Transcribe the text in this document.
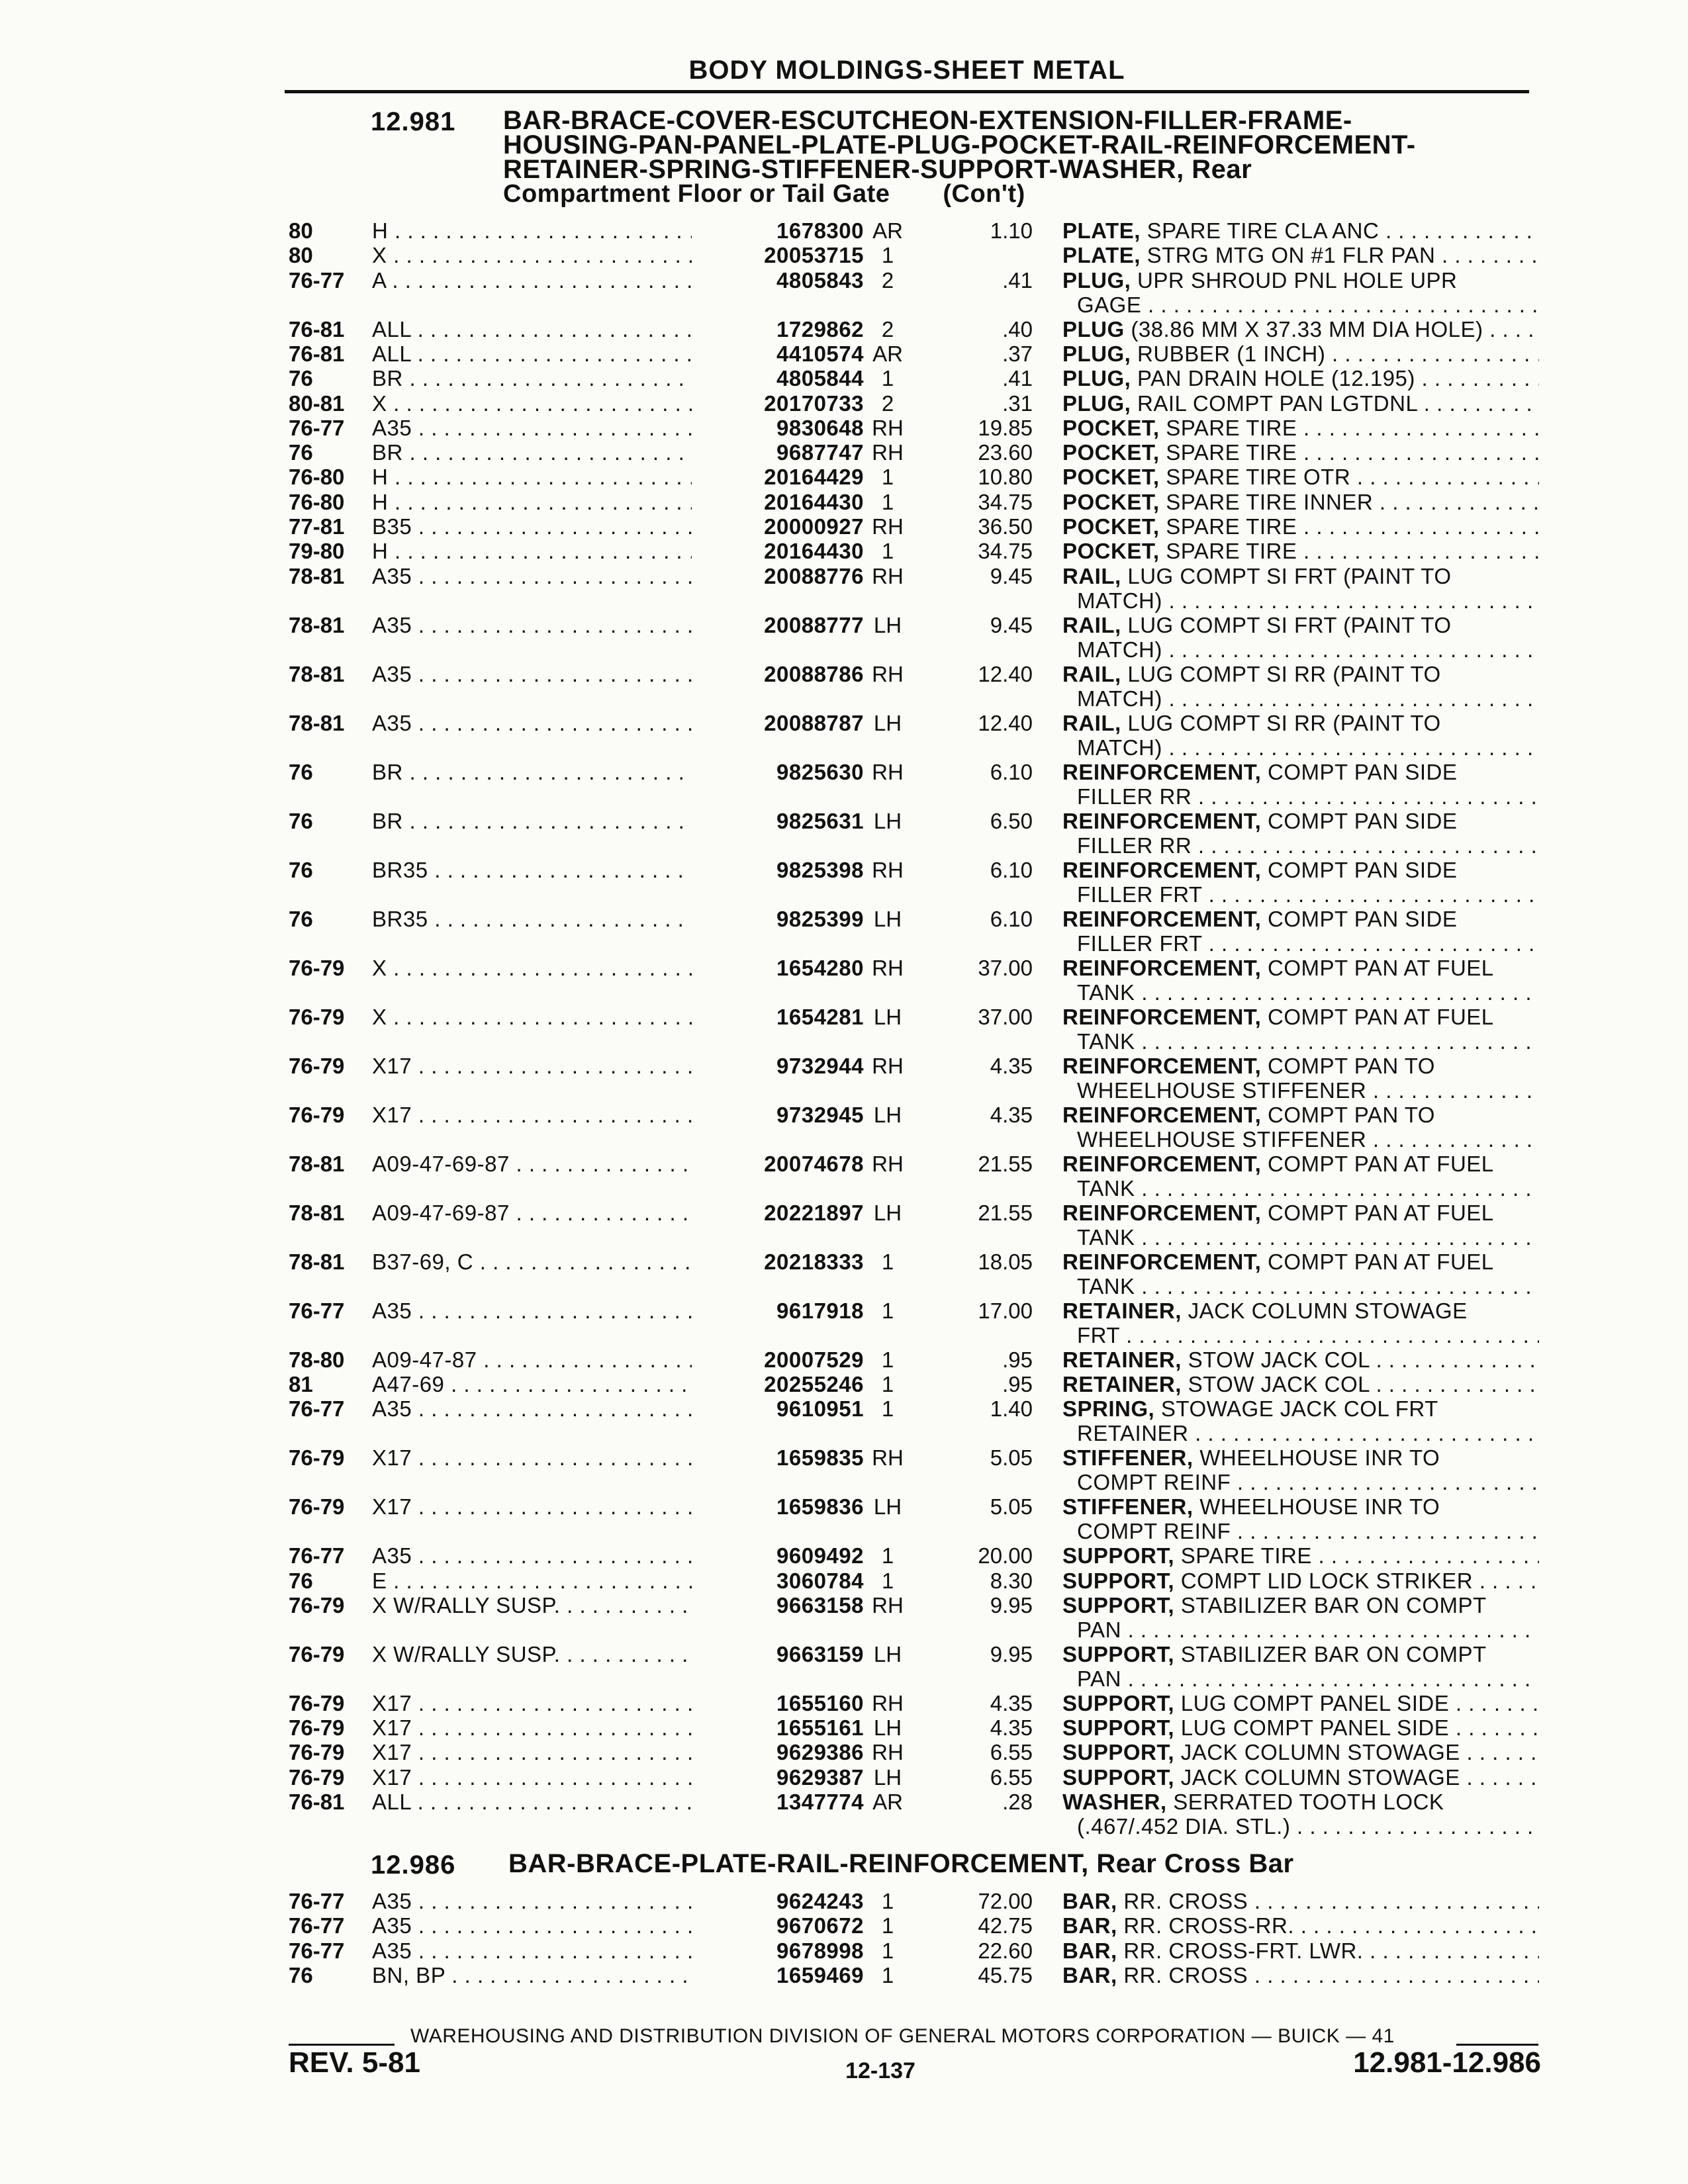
BODY MOLDINGS-SHEET METAL
12.981 BAR-BRACE-COVER-ESCUTCHEON-EXTENSION-FILLER-FRAME-
HOUSING-PAN-PANEL-PLATE-PLUG-POCKET-RAIL-REINFORCEMENT-
RETAINER-SPRING-STIFFENER-SUPPORT-WASHER, Rear
Compartment Floor or Tail Gate (Con't)
80	H . . .	1678300 AR	1.10 PLATE, SPARE TIRE CLA ANC . . .
80	X . . .	20053715 1	PLATE, STRG MTG ON #1 FLR PAN . . .
76-77	A . . .	4805843 2	.41 PLUG, UPR SHROUD PNL HOLE UPR
GAGE . . .
76-81	ALL . . .	1729862 2	.40 PLUG (38.86 MM X 37.33 MM DIA HOLE) . . .
76-81	ALL . . .	4410574 AR	.37 PLUG, RUBBER (1 INCH) . . .
76	BR . . .	4805844 1	.41 PLUG, PAN DRAIN HOLE (12.195) . . .
80-81	X . . .	20170733 2	.31 PLUG, RAIL COMPT PAN LGTDNL . . .
76-77	A35 . . .	9830648 RH	19.85 POCKET, SPARE TIRE . . .
76	BR . . .	9687747 RH	23.60 POCKET, SPARE TIRE . . .
76-80	H . . .	20164429 1	10.80 POCKET, SPARE TIRE OTR . . .
76-80	H . . .	20164430 1	34.75 POCKET, SPARE TIRE INNER . . .
77-81	B35 . . .	20000927 RH	36.50 POCKET, SPARE TIRE . . .
79-80	H . . .	20164430 1	34.75 POCKET, SPARE TIRE . . .
78-81	A35 . . .	20088776 RH	9.45 RAIL, LUG COMPT SI FRT (PAINT TO
MATCH) . . .
78-81	A35 . . .	20088777 LH	9.45 RAIL, LUG COMPT SI FRT (PAINT TO
MATCH) . . .
78-81	A35 . . .	20088786 RH	12.40 RAIL, LUG COMPT SI RR (PAINT TO
MATCH) . . .
78-81	A35 . . .	20088787 LH	12.40 RAIL, LUG COMPT SI RR (PAINT TO
MATCH) . . .
76	BR . . .	9825630 RH	6.10 REINFORCEMENT, COMPT PAN SIDE
FILLER RR . . .
76	BR . . .	9825631 LH	6.50 REINFORCEMENT, COMPT PAN SIDE
FILLER RR . . .
76	BR35 . . .	9825398 RH	6.10 REINFORCEMENT, COMPT PAN SIDE
FILLER FRT . . .
76	BR35 . . .	9825399 LH	6.10 REINFORCEMENT, COMPT PAN SIDE
FILLER FRT . . .
76-79	X . . .	1654280 RH	37.00 REINFORCEMENT, COMPT PAN AT FUEL
TANK . . .
76-79	X . . .	1654281 LH	37.00 REINFORCEMENT, COMPT PAN AT FUEL
TANK . . .
76-79	X17 . . .	9732944 RH	4.35 REINFORCEMENT, COMPT PAN TO
WHEELHOUSE STIFFENER . . .
76-79	X17 . . .	9732945 LH	4.35 REINFORCEMENT, COMPT PAN TO
WHEELHOUSE STIFFENER . . .
78-81	A09-47-69-87 . . .	20074678 RH	21.55 REINFORCEMENT, COMPT PAN AT FUEL
TANK . . .
78-81	A09-47-69-87 . . .	20221897 LH	21.55 REINFORCEMENT, COMPT PAN AT FUEL
TANK . . .
78-81	B37-69, C . . .	20218333 1	18.05 REINFORCEMENT, COMPT PAN AT FUEL
TANK . . .
76-77	A35 . . .	9617918 1	17.00 RETAINER, JACK COLUMN STOWAGE
FRT . . .
78-80	A09-47-87 . . .	20007529 1	.95 RETAINER, STOW JACK COL . . .
81	A47-69 . . .	20255246 1	.95 RETAINER, STOW JACK COL . . .
76-77	A35 . . .	9610951 1	1.40 SPRING, STOWAGE JACK COL FRT
RETAINER . . .
76-79	X17 . . .	1659835 RH	5.05 STIFFENER, WHEELHOUSE INR TO
COMPT REINF . . .
76-79	X17 . . .	1659836 LH	5.05 STIFFENER, WHEELHOUSE INR TO
COMPT REINF . . .
76-77	A35 . . .	9609492 1	20.00 SUPPORT, SPARE TIRE . . .
76	E . . .	3060784 1	8.30 SUPPORT, COMPT LID LOCK STRIKER . . .
76-79	X W/RALLY SUSP. . . .	9663158 RH	9.95 SUPPORT, STABILIZER BAR ON COMPT
PAN . . .
76-79	X W/RALLY SUSP. . . .	9663159 LH	9.95 SUPPORT, STABILIZER BAR ON COMPT
PAN . . .
76-79	X17 . . .	1655160 RH	4.35 SUPPORT, LUG COMPT PANEL SIDE . . .
76-79	X17 . . .	1655161 LH	4.35 SUPPORT, LUG COMPT PANEL SIDE . . .
76-79	X17 . . .	9629386 RH	6.55 SUPPORT, JACK COLUMN STOWAGE . . .
76-79	X17 . . .	9629387 LH	6.55 SUPPORT, JACK COLUMN STOWAGE . . .
76-81	ALL . . .	1347774 AR	.28 WASHER, SERRATED TOOTH LOCK
(.467/.452 DIA. STL.) . . .
12.986 BAR-BRACE-PLATE-RAIL-REINFORCEMENT, Rear Cross Bar
76-77	A35 . . .	9624243 1	72.00 BAR, RR. CROSS . . .
76-77	A35 . . .	9670672 1	42.75 BAR, RR. CROSS-RR. . . .
76-77	A35 . . .	9678998 1	22.60 BAR, RR. CROSS-FRT. LWR. . . .
76	BN, BP . . .	1659469 1	45.75 BAR, RR. CROSS . . .
WAREHOUSING AND DISTRIBUTION DIVISION OF GENERAL MOTORS CORPORATION — BUICK — 41
REV. 5-81	12-137	12.981-12.986
